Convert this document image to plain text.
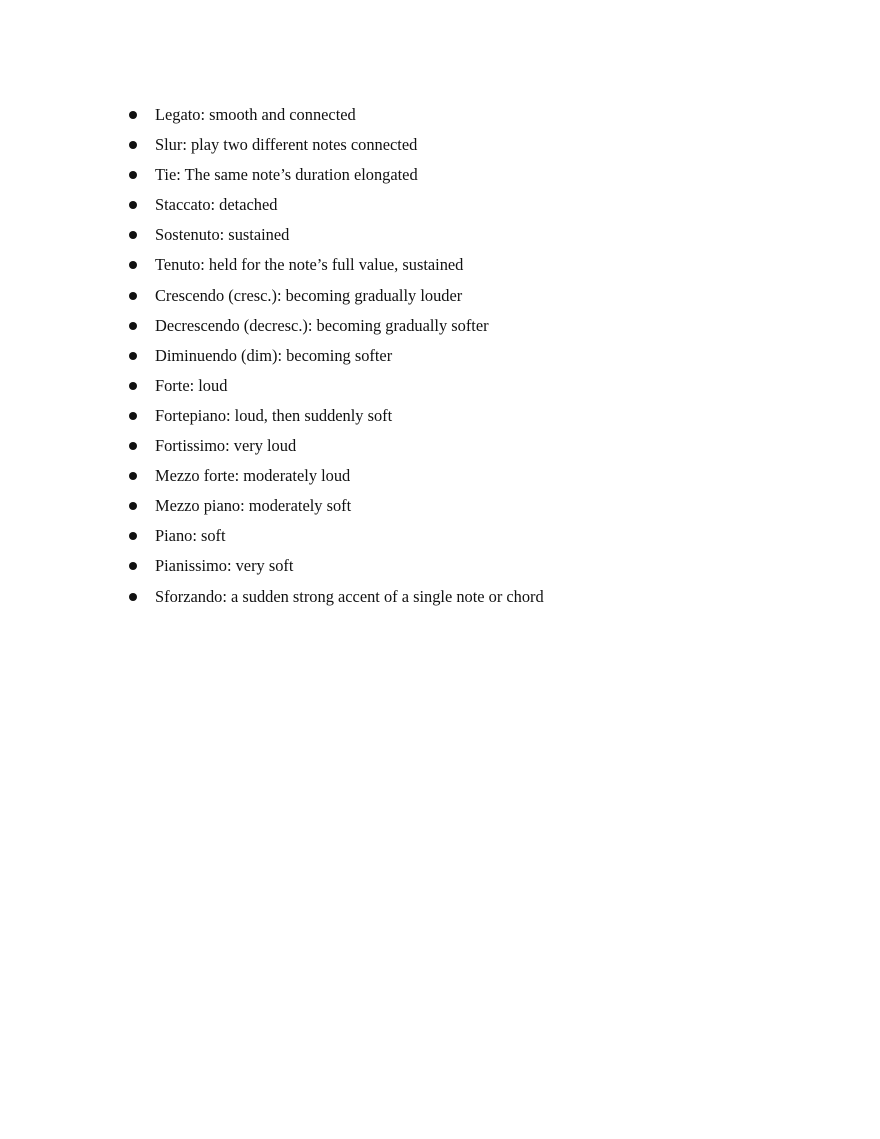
Legato: smooth and connected
Slur: play two different notes connected
Tie: The same note’s duration elongated
Staccato: detached
Sostenuto: sustained
Tenuto: held for the note’s full value, sustained
Crescendo (cresc.): becoming gradually louder
Decrescendo (decresc.): becoming gradually softer
Diminuendo (dim): becoming softer
Forte: loud
Fortepiano: loud, then suddenly soft
Fortissimo: very loud
Mezzo forte: moderately loud
Mezzo piano: moderately soft
Piano: soft
Pianissimo: very soft
Sforzando: a sudden strong accent of a single note or chord
